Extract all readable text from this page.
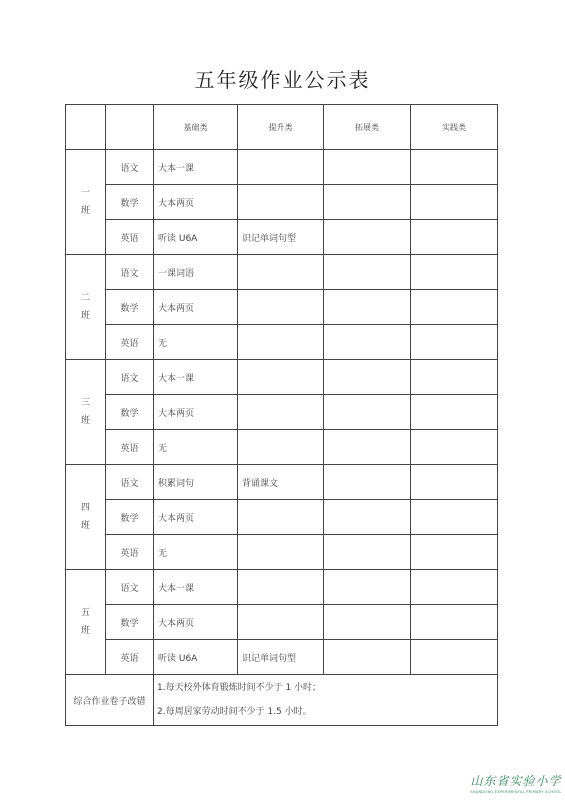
五年级作业公示表
		基础类	提升类	拓展类	实践类

一
班	语文	大本一课			
	数学	大本两页			
	英语	听读 U6A	识记单词句型		

二
班	语文	一课词语			
	数学	大本两页			
	英语	无			

三
班	语文	大本一课			
	数学	大本两页			
	英语	无			

四
班	语文	积累词句	背诵课文		
	数学	大本两页			
	英语	无			

五
班	语文	大本一课			
	数学	大本两页			
	英语	听读 U6A	识记单词句型		
综合作业卷子改错		1.每天校外体育锻炼时间不少于 1 小时；
2.每周居家劳动时间不少于 1.5 小时。			
山东省实验小学
SHANDONG EXPERIMENTAL PRIMARY SCHOOL
